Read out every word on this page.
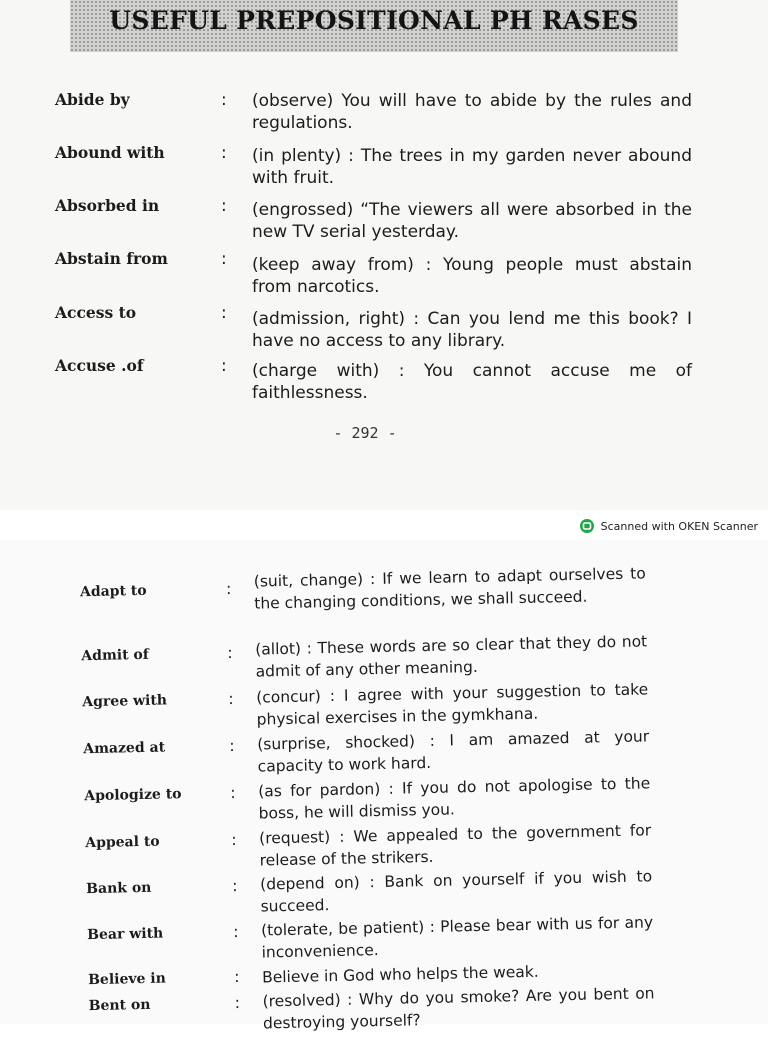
USEFUL PREPOSITIONAL PH RASES
Abide by	: (observe) You will have to abide by the rules and regulations.
Abound with	: (in plenty) : The trees in my garden never abound with fruit.
Absorbed in	: (engrossed) “The viewers all were absorbed in the new TV serial yesterday.
Abstain from	: (keep away from) : Young people must abstain from narcotics.
Access to	: (admission, right) : Can you lend me this book? I have no access to any library.
Accuse .of	: (charge with) : You cannot accuse me of faithlessness.
- 292 -
Scanned with OKEN Scanner
Adapt to	: (suit, change) : If we learn to adapt ourselves to the changing conditions, we shall succeed.
Admit of	: (allot) : These words are so clear that they do not admit of any other meaning.
Agree with	: (concur) : I agree with your suggestion to take physical exercises in the gymkhana.
Amazed at	: (surprise, shocked) : I am amazed at your capacity to work hard.
Apologize to	: (as for pardon) : If you do not apologise to the boss, he will dismiss you.
Appeal to	: (request) : We appealed to the government for release of the strikers.
Bank on	: (depend on) : Bank on yourself if you wish to succeed.
Bear with	: (tolerate, be patient) : Please bear with us for any inconvenience.
Believe in	: Believe in God who helps the weak.
Bent on	: (resolved) : Why do you smoke? Are you bent on destroying yourself?
